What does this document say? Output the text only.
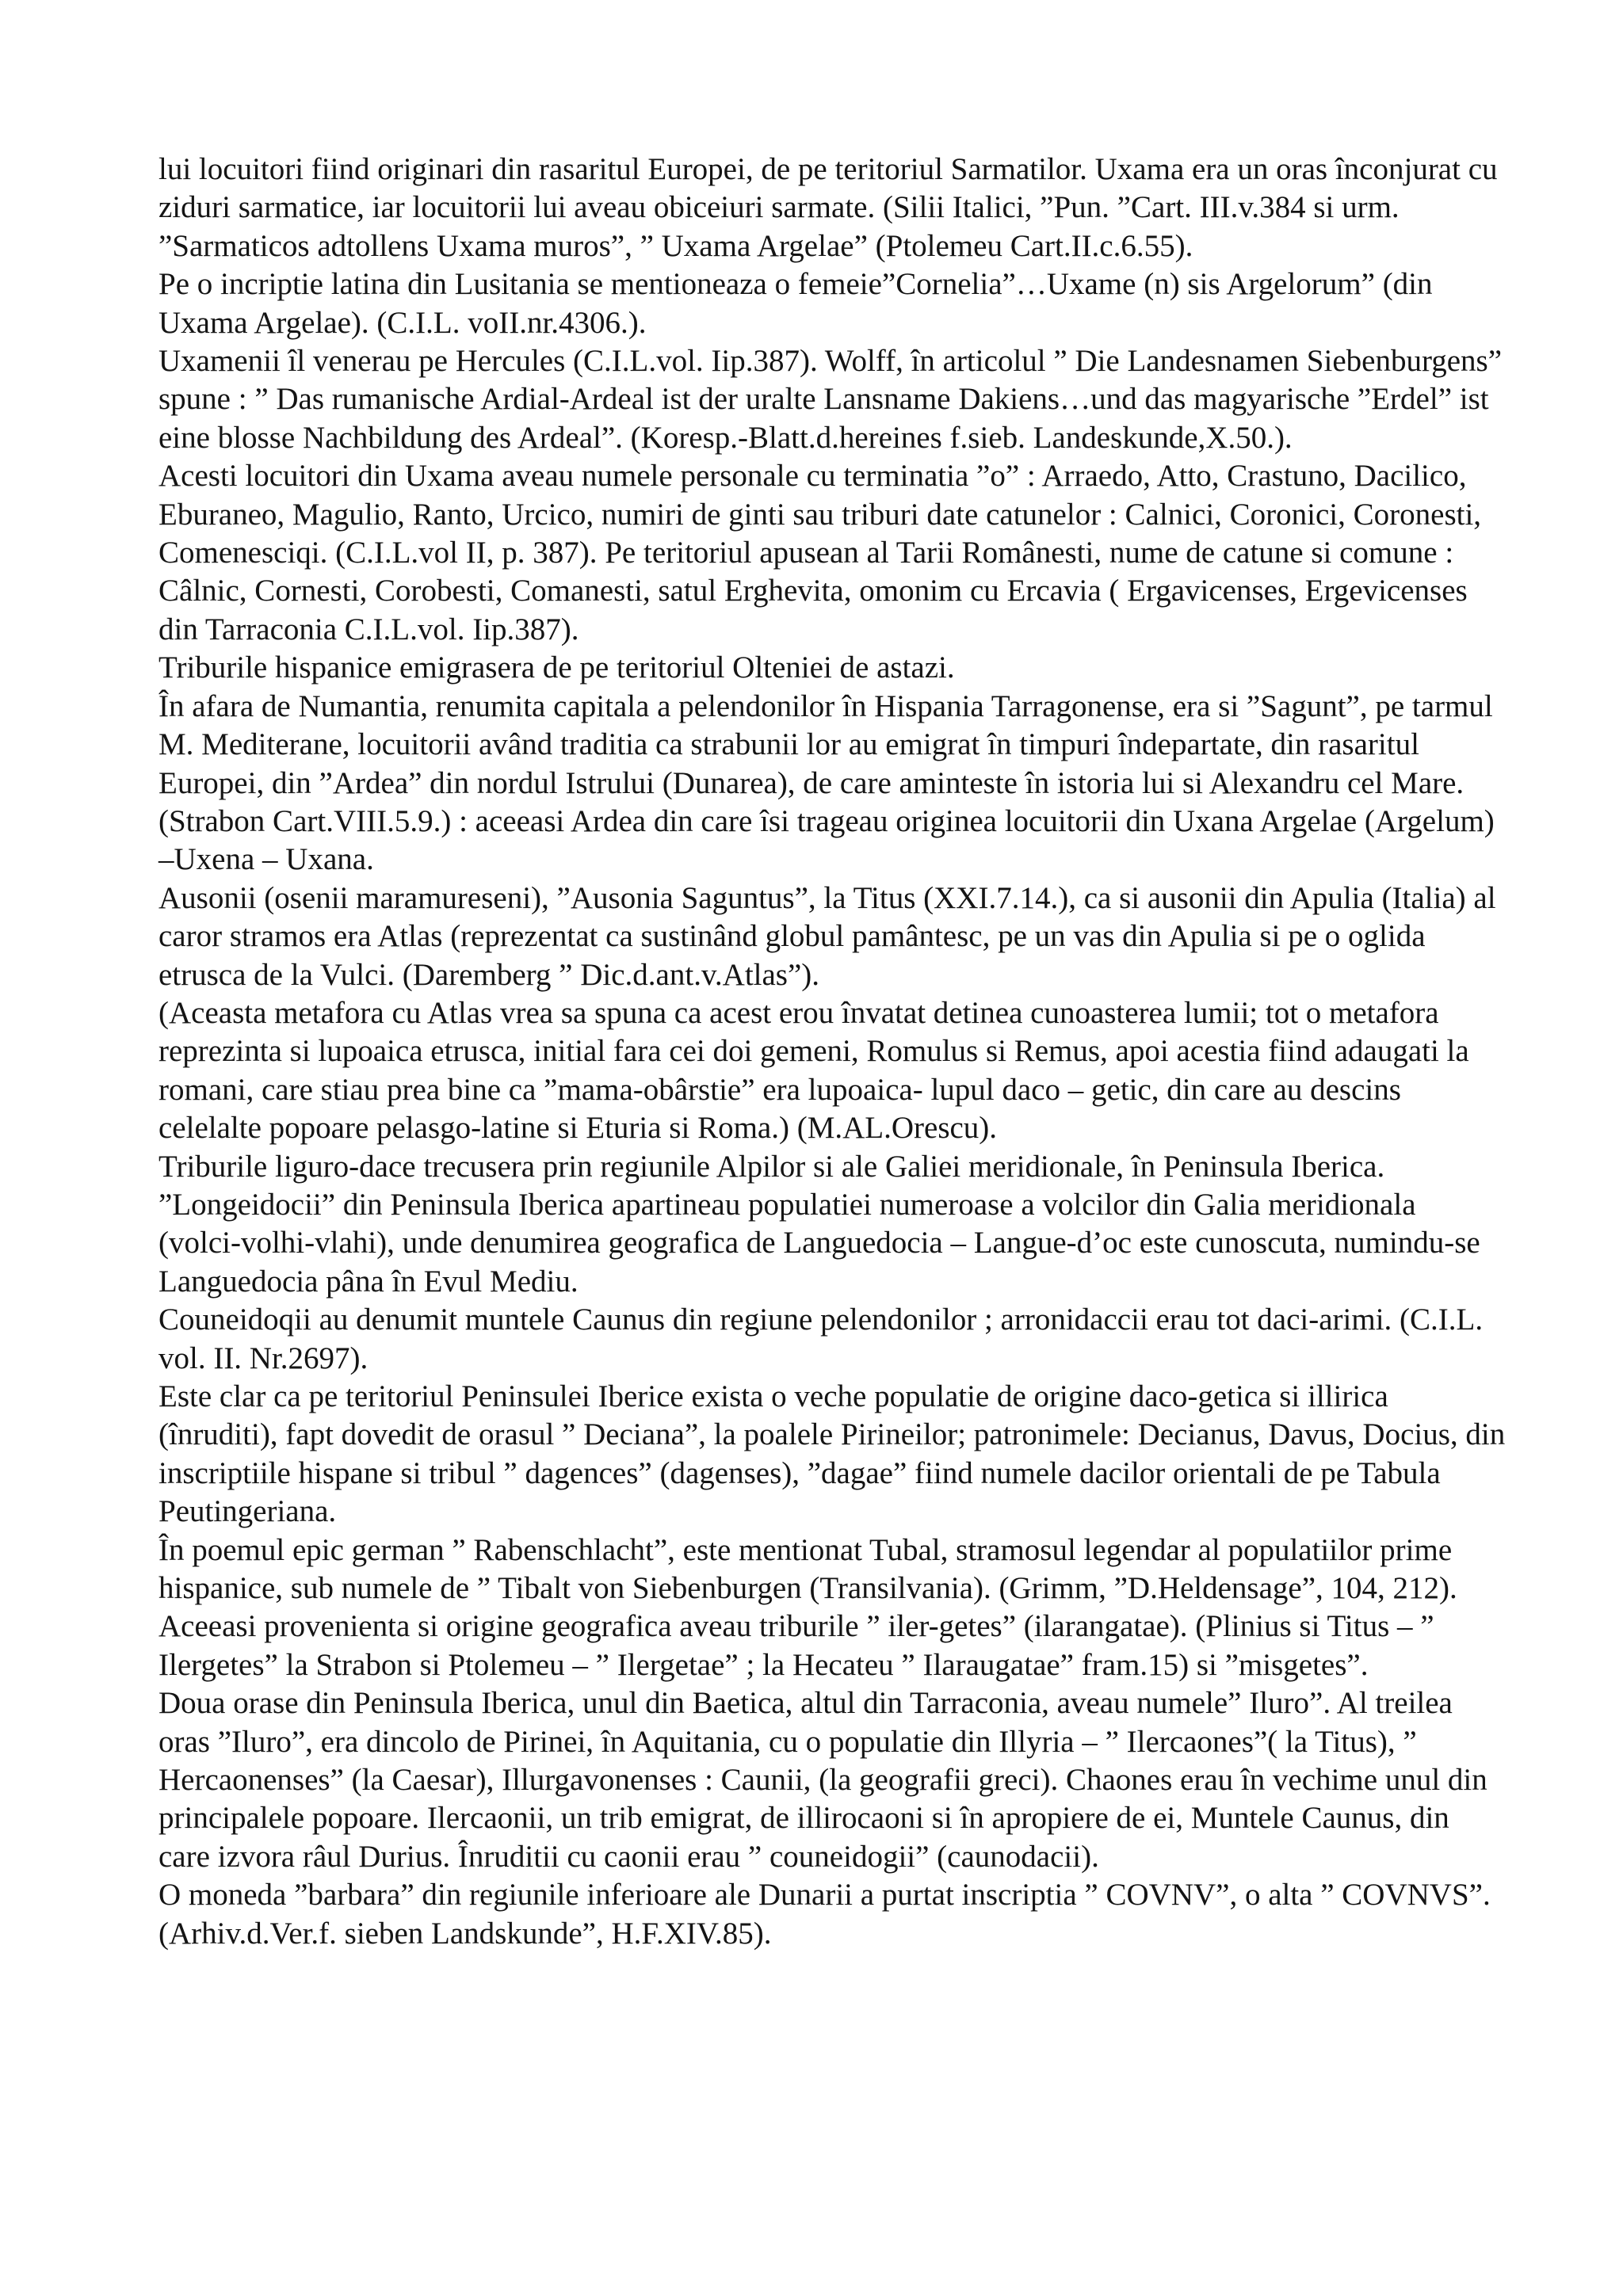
lui locuitori fiind originari din rasaritul Europei, de pe teritoriul Sarmatilor. Uxama era un oras înconjurat cu ziduri sarmatice, iar locuitorii lui aveau obiceiuri sarmate. (Silii Italici, ”Pun. ”Cart. III.v.384 si urm. ”Sarmaticos adtollens Uxama muros”, ” Uxama Argelae” (Ptolemeu Cart.II.c.6.55).

Pe o incriptie latina din Lusitania se mentioneaza o femeie”Cornelia”…Uxame (n) sis Argelorum” (din Uxama Argelae). (C.I.L. voII.nr.4306.).

Uxamenii îl venerau pe Hercules (C.I.L.vol. Iip.387). Wolff, în articolul ” Die Landesnamen Siebenburgens” spune : ” Das rumanische Ardial-Ardeal ist der uralte Lansname Dakiens…und das magyarische ”Erdel” ist eine blosse Nachbildung des Ardeal”. (Koresp.-Blatt.d.hereines f.sieb. Landeskunde,X.50.).

Acesti locuitori din Uxama aveau numele personale cu terminatia ”o” : Arraedo, Atto, Crastuno, Dacilico, Eburaneo, Magulio, Ranto, Urcico, numiri de ginti sau triburi date catunelor : Calnici, Coronici, Coronesti, Comenesciqi. (C.I.L.vol II, p. 387). Pe teritoriul apusean al Tarii Românesti, nume de catune si comune : Câlnic, Cornesti, Corobesti, Comanesti, satul Erghevita, omonim cu Ercavia ( Ergavicenses, Ergevicenses din Tarraconia C.I.L.vol. Iip.387).

Triburile hispanice emigrasera de pe teritoriul Olteniei de astazi.

În afara de Numantia, renumita capitala a pelendonilor în Hispania Tarragonense, era si ”Sagunt”, pe tarmul M. Mediterane, locuitorii având traditia ca strabunii lor au emigrat în timpuri îndepartate, din rasaritul Europei, din ”Ardea” din nordul Istrului (Dunarea), de care aminteste în istoria lui si Alexandru cel Mare. (Strabon Cart.VIII.5.9.) : aceeasi Ardea din care îsi trageau originea locuitorii din Uxana Argelae (Argelum) –Uxena – Uxana.

Ausonii (osenii maramureseni), ”Ausonia Saguntus”, la Titus (XXI.7.14.), ca si ausonii din Apulia (Italia) al caror stramos era Atlas (reprezentat ca sustinând globul pamântesc, pe un vas din Apulia si pe o oglida etrusca de la Vulci. (Daremberg ” Dic.d.ant.v.Atlas”).

(Aceasta metafora cu Atlas vrea sa spuna ca acest erou învatat detinea cunoasterea lumii; tot o metafora reprezinta si lupoaica etrusca, initial fara cei doi gemeni, Romulus si Remus, apoi acestia fiind adaugati la romani, care stiau prea bine ca ”mama-obârstie” era lupoaica- lupul daco – getic, din care au descins celelalte popoare pelasgo-latine si Eturia si Roma.) (M.AL.Orescu).

Triburile liguro-dace trecusera prin regiunile Alpilor si ale Galiei meridionale, în Peninsula Iberica.

”Longeidocii” din Peninsula Iberica apartineau populatiei numeroase a volcilor din Galia meridionala (volci-volhi-vlahi), unde denumirea geografica de Languedocia – Langue-d’oc este cunoscuta, numindu-se Languedocia pâna în Evul Mediu.

Couneidoqii au denumit muntele Caunus din regiune pelendonilor ; arronidaccii erau tot daci-arimi. (C.I.L. vol. II. Nr.2697).

Este clar ca pe teritoriul Peninsulei Iberice exista o veche populatie de origine daco-getica si illirica (înruditi), fapt dovedit de orasul ” Deciana”, la poalele Pirineilor; patronimele: Decianus, Davus, Docius, din inscriptiile hispane si tribul ” dagences” (dagenses), ”dagae” fiind numele dacilor orientali de pe Tabula Peutingeriana.

În poemul epic german ” Rabenschlacht”, este mentionat Tubal, stramosul legendar al populatiilor prime hispanice, sub numele de ” Tibalt von Siebenburgen (Transilvania). (Grimm, ”D.Heldensage”, 104, 212).

Aceeasi provenienta si origine geografica aveau triburile ” iler-getes” (ilarangatae). (Plinius si Titus – ” Ilergetes” la Strabon si Ptolemeu – ” Ilergetae” ; la Hecateu ” Ilaraugatae” fram.15) si ”misgetes”.

Doua orase din Peninsula Iberica, unul din Baetica, altul din Tarraconia, aveau numele” Iluro”. Al treilea oras ”Iluro”, era dincolo de Pirinei, în Aquitania, cu o populatie din Illyria – ” Ilercaones”( la Titus), ” Hercaonenses” (la Caesar), Illurgavonenses : Caunii, (la geografii greci). Chaones erau în vechime unul din principalele popoare. Ilercaonii, un trib emigrat, de illirocaoni si în apropiere de ei, Muntele Caunus, din care izvora râul Durius. Înruditii cu caonii erau ” couneidogii” (caunodacii).

O moneda ”barbara” din regiunile inferioare ale Dunarii a purtat inscriptia ” COVNV”, o alta ” COVNVS”. (Arhiv.d.Ver.f. sieben Landskunde”, H.F.XIV.85).
